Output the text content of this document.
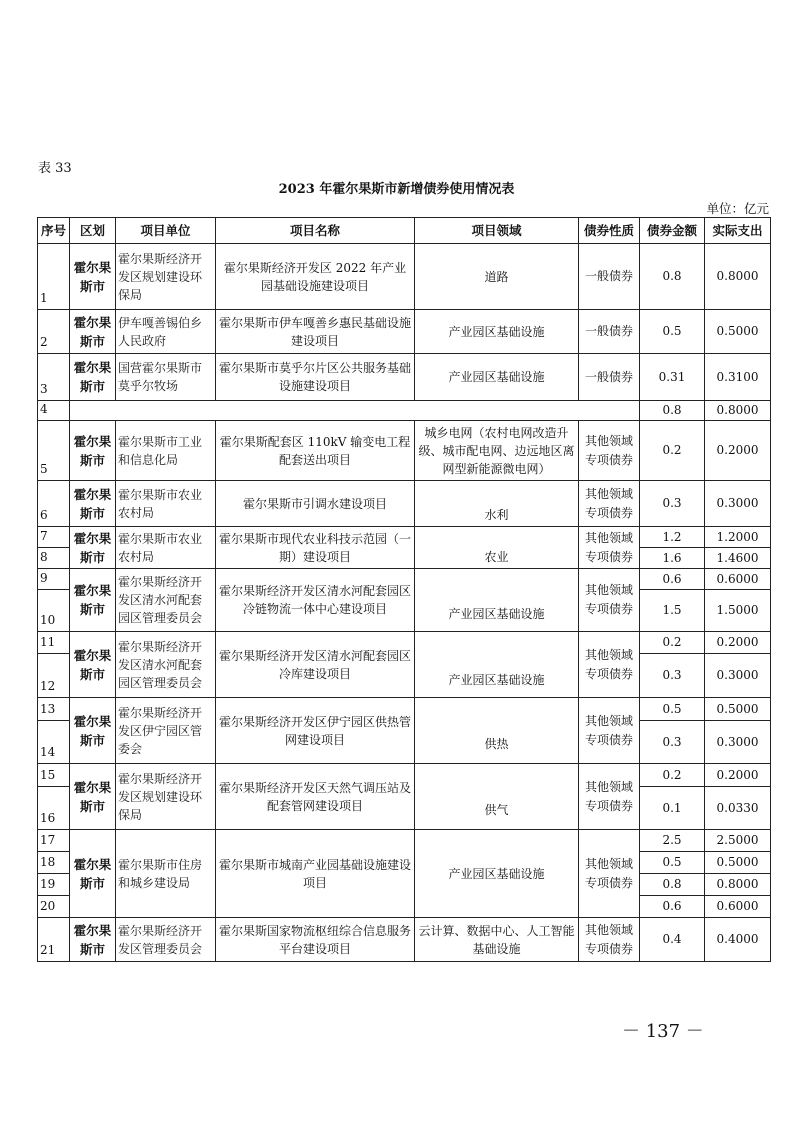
表 33
2023 年霍尔果斯市新增债券使用情况表
单位：亿元
序号	区划	项目单位	项目名称	项目领域	债券性质	债券金额	实际支出
1	霍尔果斯市	霍尔果斯经济开发区规划建设环保局	霍尔果斯经济开发区 2022 年产业园基础设施建设项目	道路	一般债券	0.8	0.8000
2	霍尔果斯市	伊车嘎善锡伯乡人民政府	霍尔果斯市伊车嘎善乡惠民基础设施建设项目	产业园区基础设施	一般债券	0.5	0.5000
3	霍尔果斯市	国营霍尔果斯市莫乎尔牧场	霍尔果斯市莫乎尔片区公共服务基础设施建设项目	产业园区基础设施	一般债券	0.31	0.3100
4						0.8	0.8000
5	霍尔果斯市	霍尔果斯市工业和信息化局	霍尔果斯配套区 110kV 输变电工程配套送出项目	城乡电网（农村电网改造升级、城市配电网、边远地区离网型新能源微电网）	其他领域专项债券	0.2	0.2000
6	霍尔果斯市	霍尔果斯市农业农村局	霍尔果斯市引调水建设项目	水利	其他领域专项债券	0.3	0.3000
7	霍尔果斯市	霍尔果斯市农业农村局	霍尔果斯市现代农业科技示范园（一期）建设项目	农业	其他领域专项债券	1.2	1.2000
8						1.6	1.4600
9	霍尔果斯市	霍尔果斯经济开发区清水河配套园区管理委员会	霍尔果斯经济开发区清水河配套园区冷链物流一体中心建设项目	产业园区基础设施	其他领域专项债券	0.6	0.6000
10						1.5	1.5000
11	霍尔果斯市	霍尔果斯经济开发区清水河配套园区管理委员会	霍尔果斯经济开发区清水河配套园区冷库建设项目	产业园区基础设施	其他领域专项债券	0.2	0.2000
12						0.3	0.3000
13	霍尔果斯市	霍尔果斯经济开发区伊宁园区管委会	霍尔果斯经济开发区伊宁园区供热管网建设项目	供热	其他领域专项债券	0.5	0.5000
14						0.3	0.3000
15	霍尔果斯市	霍尔果斯经济开发区规划建设环保局	霍尔果斯经济开发区天然气调压站及配套管网建设项目	供气	其他领域专项债券	0.2	0.2000
16						0.1	0.0330
17	霍尔果斯市	霍尔果斯市住房和城乡建设局	霍尔果斯市城南产业园基础设施建设项目	产业园区基础设施	其他领域专项债券	2.5	2.5000
18						0.5	0.5000
19						0.8	0.8000
20						0.6	0.6000
21	霍尔果斯市	霍尔果斯经济开发区管理委员会	霍尔果斯国家物流枢纽综合信息服务平台建设项目	云计算、数据中心、人工智能基础设施	其他领域专项债券	0.4	0.4000
－ 137 －
